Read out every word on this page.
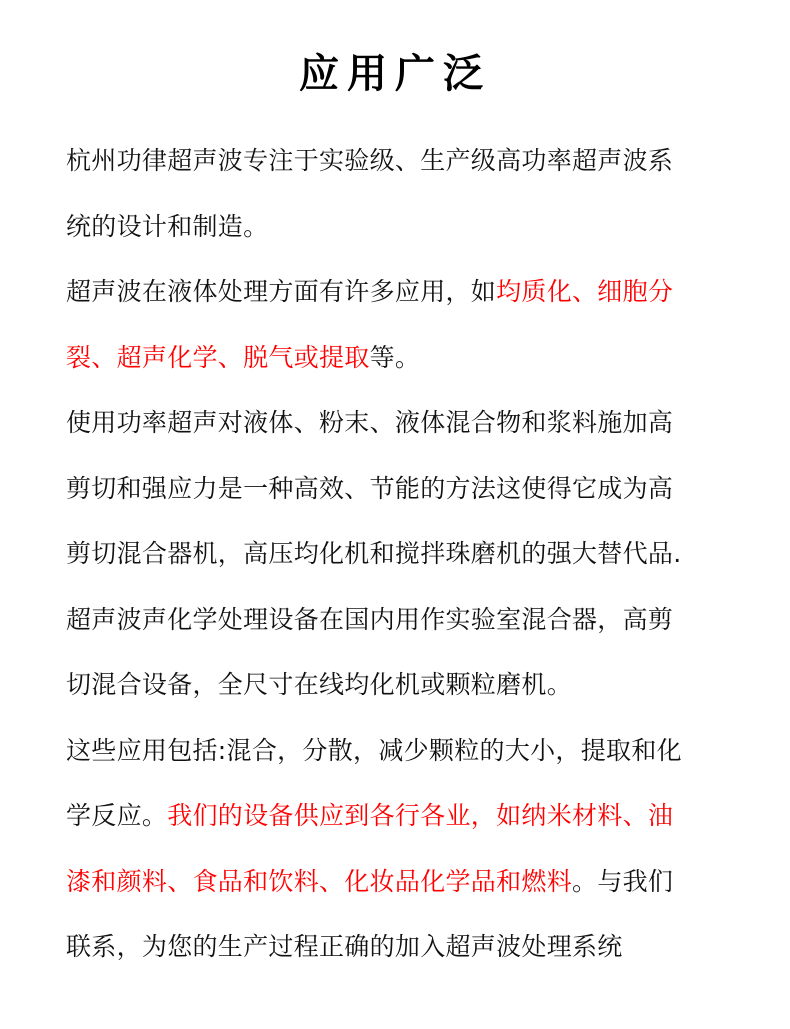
应用广泛
杭州功律超声波专注于实验级、生产级高功率超声波系
统的设计和制造。
超声波在液体处理方面有许多应用，如均质化、细胞分
裂、超声化学、脱气或提取等。
使用功率超声对液体、粉末、液体混合物和浆料施加高
剪切和强应力是一种高效、节能的方法这使得它成为高
剪切混合器机，高压均化机和搅拌珠磨机的强大替代品.
超声波声化学处理设备在国内用作实验室混合器，高剪
切混合设备，全尺寸在线均化机或颗粒磨机。
这些应用包括:混合，分散，减少颗粒的大小，提取和化
学反应。我们的设备供应到各行各业，如纳米材料、油
漆和颜料、食品和饮料、化妆品化学品和燃料。与我们
联系，为您的生产过程正确的加入超声波处理系统
